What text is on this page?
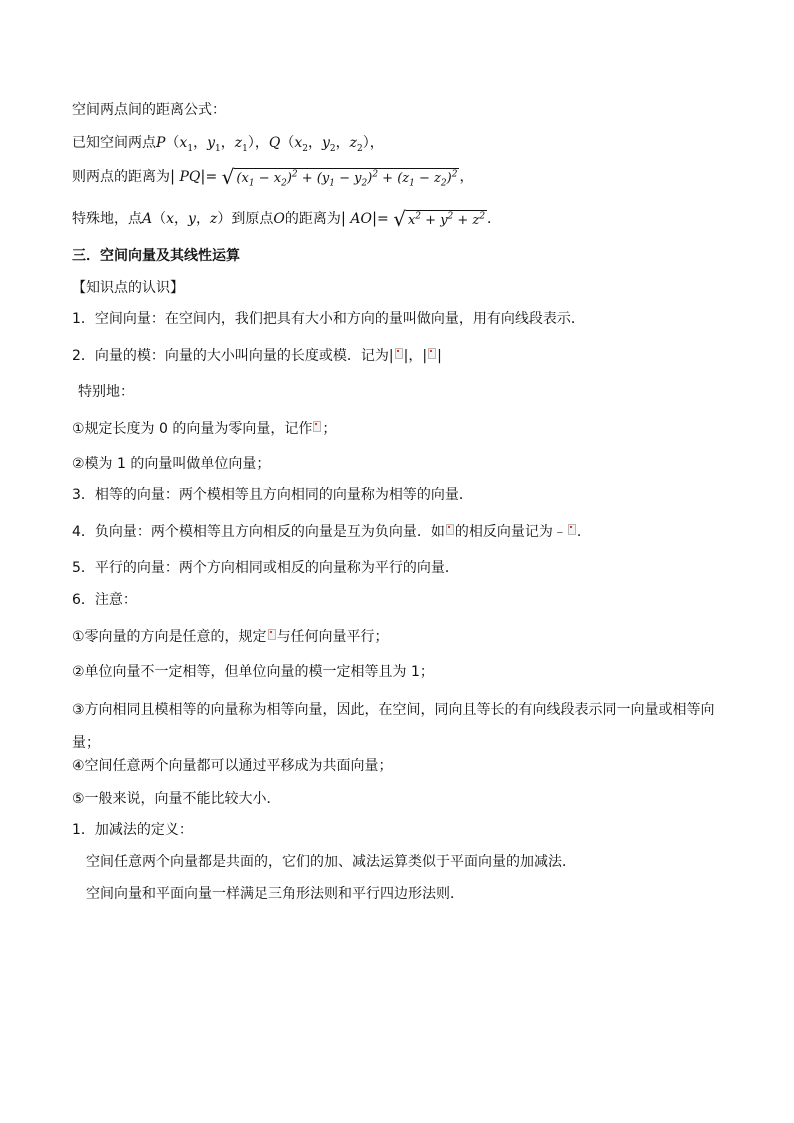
空间两点间的距离公式：
已知空间两点$P(x_1$，$y_1$，$z_1$），$Q(x_2$，$y_2$，$z_2$），
则两点的距离为| PQ|= √ $(x_1 - x_2)^2 + (y_1 - y_2)^2 + (z_1 - z_2)^2$ ，
特殊地，点A（x，y，z）到原点O的距离为| AO|= √ $x^2 + y^2 + z^2$ ．
三．空间向量及其线性运算
【知识点的认识】
1．空间向量：在空间内，我们把具有大小和方向的量叫做向量，用有向线段表示．
2．向量的模：向量的大小叫向量的长度或模．记为| |，| |
特别地：
①规定长度为 0 的向量为零向量，记作 ；
②模为 1 的向量叫做单位向量；
3．相等的向量：两个模相等且方向相同的向量称为相等的向量．
4．负向量：两个模相等且方向相反的向量是互为负向量．如 的相反向量记为﹣ ．
5．平行的向量：两个方向相同或相反的向量称为平行的向量．
6．注意：
①零向量的方向是任意的，规定 与任何向量平行；
②单位向量不一定相等，但单位向量的模一定相等且为 1；
③方向相同且模相等的向量称为相等向量，因此，在空间，同向且等长的有向线段表示同一向量或相等向量；
④空间任意两个向量都可以通过平移成为共面向量；
⑤一般来说，向量不能比较大小．
1．加减法的定义：
空间任意两个向量都是共面的，它们的加、减法运算类似于平面向量的加减法．
空间向量和平面向量一样满足三角形法则和平行四边形法则．
